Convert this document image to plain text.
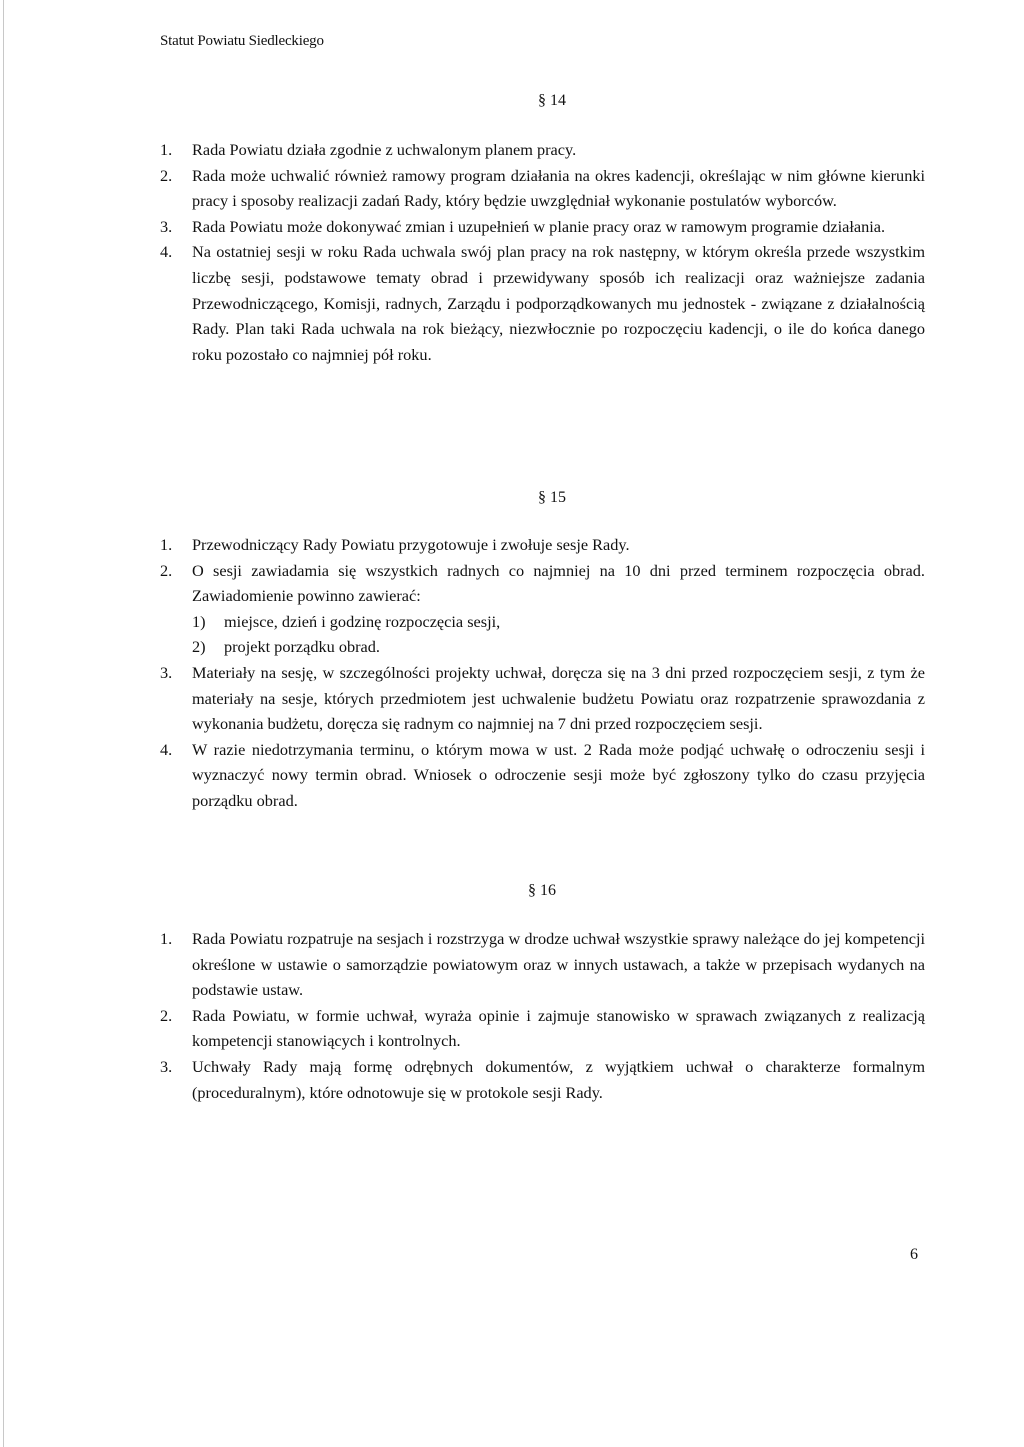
Statut Powiatu Siedleckiego
§ 14
1.	Rada Powiatu działa zgodnie z uchwalonym planem pracy.
2.	Rada może uchwalić również ramowy program działania na okres kadencji, określając w nim główne kierunki pracy i sposoby realizacji zadań Rady, który będzie uwzględniał wykonanie postulatów wyborców.
3.	Rada Powiatu może dokonywać zmian i uzupełnień w planie pracy oraz w ramowym programie działania.
4.	Na ostatniej sesji w roku Rada uchwala swój plan pracy na rok następny, w którym określa przede wszystkim liczbę sesji, podstawowe tematy obrad i przewidywany sposób ich realizacji oraz ważniejsze zadania Przewodniczącego, Komisji, radnych, Zarządu i podporządkowanych mu jednostek - związane z działalnością Rady. Plan taki Rada uchwala na rok bieżący, niezwłocznie po rozpoczęciu kadencji, o ile do końca danego roku pozostało co najmniej pół roku.
§ 15
1.	Przewodniczący Rady Powiatu przygotowuje i zwołuje sesje Rady.
2.	O sesji zawiadamia się wszystkich radnych co najmniej na 10 dni przed terminem rozpoczęcia obrad. Zawiadomienie powinno zawierać:
1) miejsce, dzień i godzinę rozpoczęcia sesji,
2) projekt porządku obrad.
3.	Materiały na sesję, w szczególności projekty uchwał, doręcza się na 3 dni przed rozpoczęciem sesji, z tym że materiały na sesje, których przedmiotem jest uchwalenie budżetu Powiatu oraz rozpatrzenie sprawozdania z wykonania budżetu, doręcza się radnym co najmniej na 7 dni przed rozpoczęciem sesji.
4.	W razie niedotrzymania terminu, o którym mowa w ust. 2 Rada może podjąć uchwałę o odroczeniu sesji i wyznaczyć nowy termin obrad. Wniosek o odroczenie sesji może być zgłoszony tylko do czasu przyjęcia porządku obrad.
§ 16
1.	Rada Powiatu rozpatruje na sesjach i rozstrzyga w drodze uchwał wszystkie sprawy należące do jej kompetencji określone w ustawie o samorządzie powiatowym oraz w innych ustawach, a także w przepisach wydanych na podstawie ustaw.
2.	Rada Powiatu, w formie uchwał, wyraża opinie i zajmuje stanowisko w sprawach związanych z realizacją kompetencji stanowiących i kontrolnych.
3.	Uchwały Rady mają formę odrębnych dokumentów, z wyjątkiem uchwał o charakterze formalnym (proceduralnym), które odnotowuje się w protokole sesji Rady.
6
